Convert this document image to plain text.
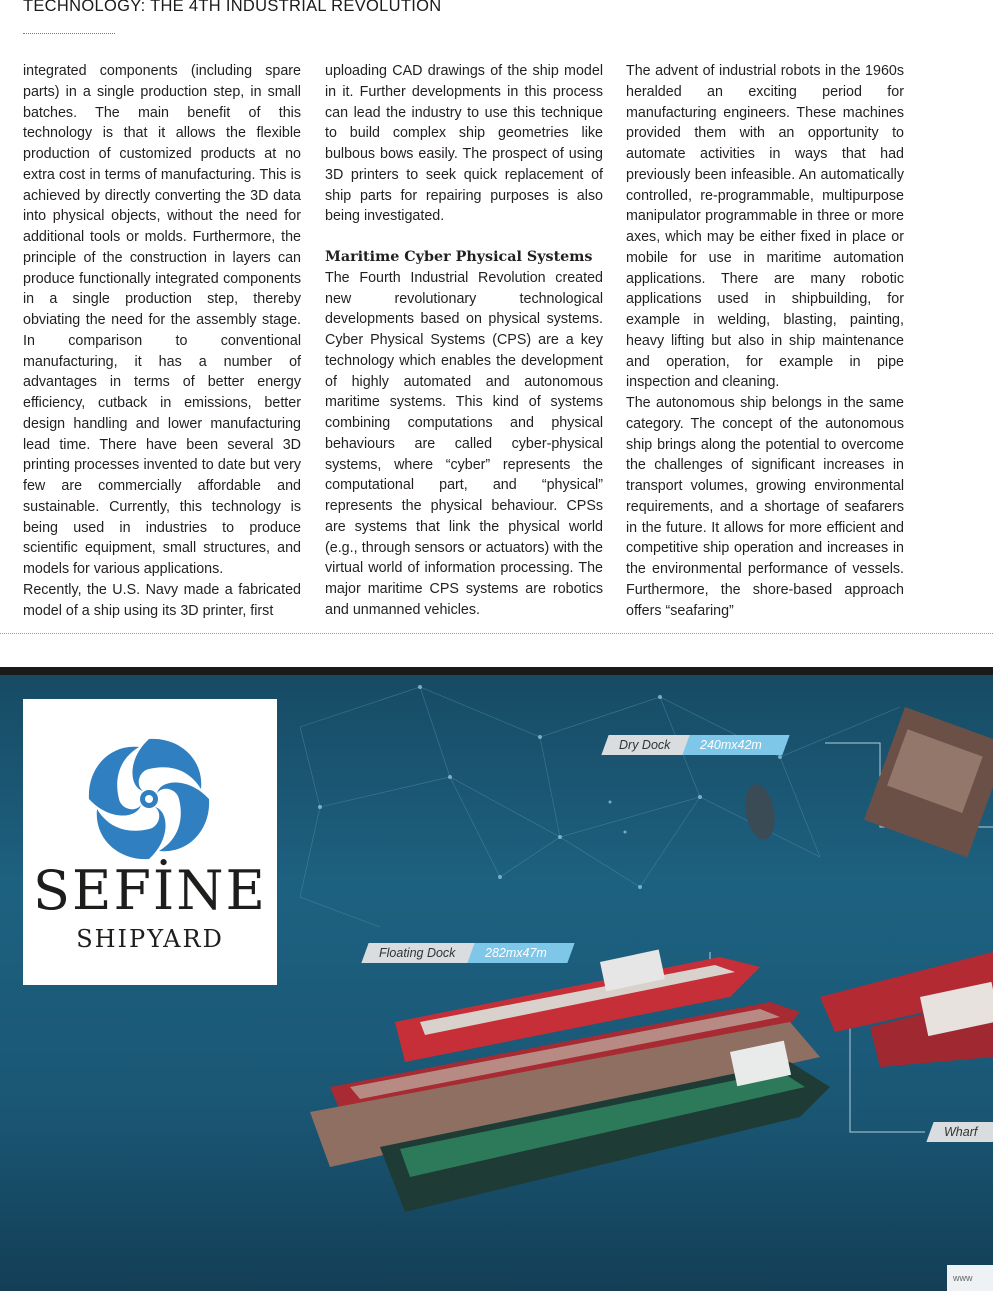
TECHNOLOGY: THE 4TH INDUSTRIAL REVOLUTION

integrated components (including spare parts) in a single production step, in small batches. The main benefit of this technology is that it allows the flexible production of customized products at no extra cost in terms of manufacturing. This is achieved by directly converting the 3D data into physical objects, without the need for additional tools or molds. Furthermore, the principle of the construction in layers can produce functionally integrated components in a single production step, thereby obviating the need for the assembly stage. In comparison to conventional manufacturing, it has a number of advantages in terms of better energy efficiency, cutback in emissions, better design handling and lower manufacturing lead time. There have been several 3D printing processes invented to date but very few are commercially affordable and sustainable. Currently, this technology is being used in industries to produce scientific equipment, small structures, and models for various applications.

Recently, the U.S. Navy made a fabricated model of a ship using its 3D printer, first

uploading CAD drawings of the ship model in it. Further developments in this process can lead the industry to use this technique to build complex ship geometries like bulbous bows easily. The prospect of using 3D printers to seek quick replacement of ship parts for repairing purposes is also being investigated.

Maritime Cyber Physical Systems

The Fourth Industrial Revolution created new revolutionary technological developments based on physical systems. Cyber Physical Systems (CPS) are a key technology which enables the development of highly automated and autonomous maritime systems. This kind of systems combining computations and physical behaviours are called cyber-physical systems, where “cyber” represents the computational part, and “physical” represents the physical behaviour. CPSs are systems that link the physical world (e.g., through sensors or actuators) with the virtual world of information processing. The major maritime CPS systems are robotics and unmanned vehicles.

The advent of industrial robots in the 1960s heralded an exciting period for manufacturing engineers. These machines provided them with an opportunity to automate activities in ways that had previously been infeasible. An automatically controlled, re-programmable, multipurpose manipulator programmable in three or more axes, which may be either fixed in place or mobile for use in maritime automation applications. There are many robotic applications used in shipbuilding, for example in welding, blasting, painting, heavy lifting but also in ship maintenance and operation, for example in pipe inspection and cleaning.

The autonomous ship belongs in the same category. The concept of the autonomous ship brings along the potential to overcome the challenges of significant increases in transport volumes, growing environmental requirements, and a shortage of seafarers in the future. It allows for more efficient and competitive ship operation and increases in the environmental performance of vessels. Furthermore, the shore-based approach offers “seafaring”

SEFİNE
SHIPYARD
Dry Dock 240mx42m
Floating Dock 282mx47m
Wharf
www
